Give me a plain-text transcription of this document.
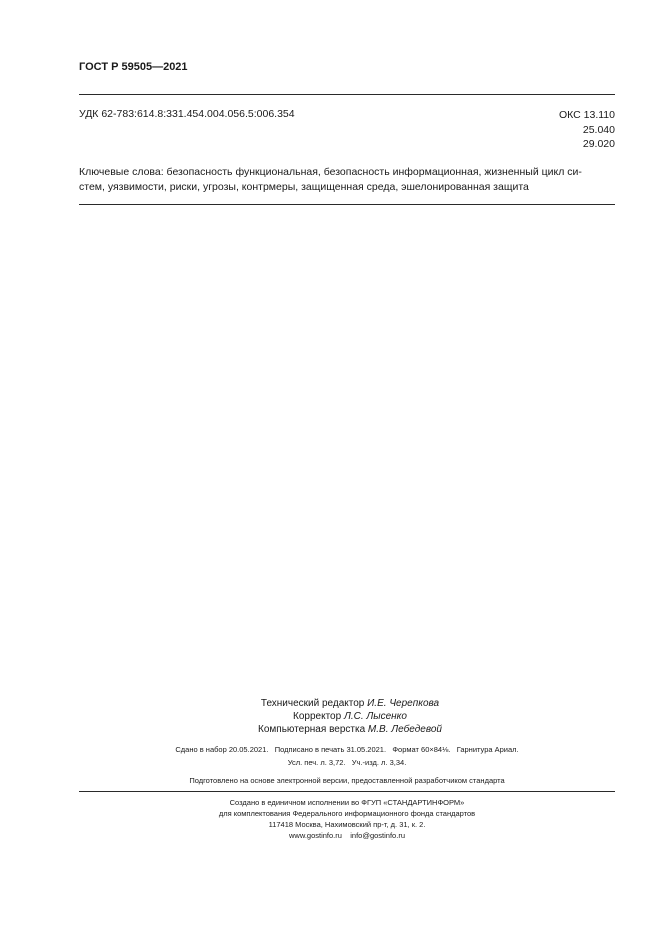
ГОСТ Р 59505—2021
УДК 62-783:614.8:331.454.004.056.5:006.354	ОКС 13.110
25.040
29.020
Ключевые слова: безопасность функциональная, безопасность информационная, жизненный цикл си-
стем, уязвимости, риски, угрозы, контрмеры, защищенная среда, эшелонированная защита
Технический редактор И.Е. Черепкова
Корректор Л.С. Лысенко
Компьютерная верстка М.В. Лебедевой
Сдано в набор 20.05.2021.   Подписано в печать 31.05.2021.   Формат 60×84⅛.   Гарнитура Ариал.
Усл. печ. л. 3,72.   Уч.-изд. л. 3,34.
Подготовлено на основе электронной версии, предоставленной разработчиком стандарта
Создано в единичном исполнении во ФГУП «СТАНДАРТИНФОРМ»
для комплектования Федерального информационного фонда стандартов
117418 Москва, Нахимовский пр-т, д. 31, к. 2.
www.gostinfo.ru    info@gostinfo.ru
